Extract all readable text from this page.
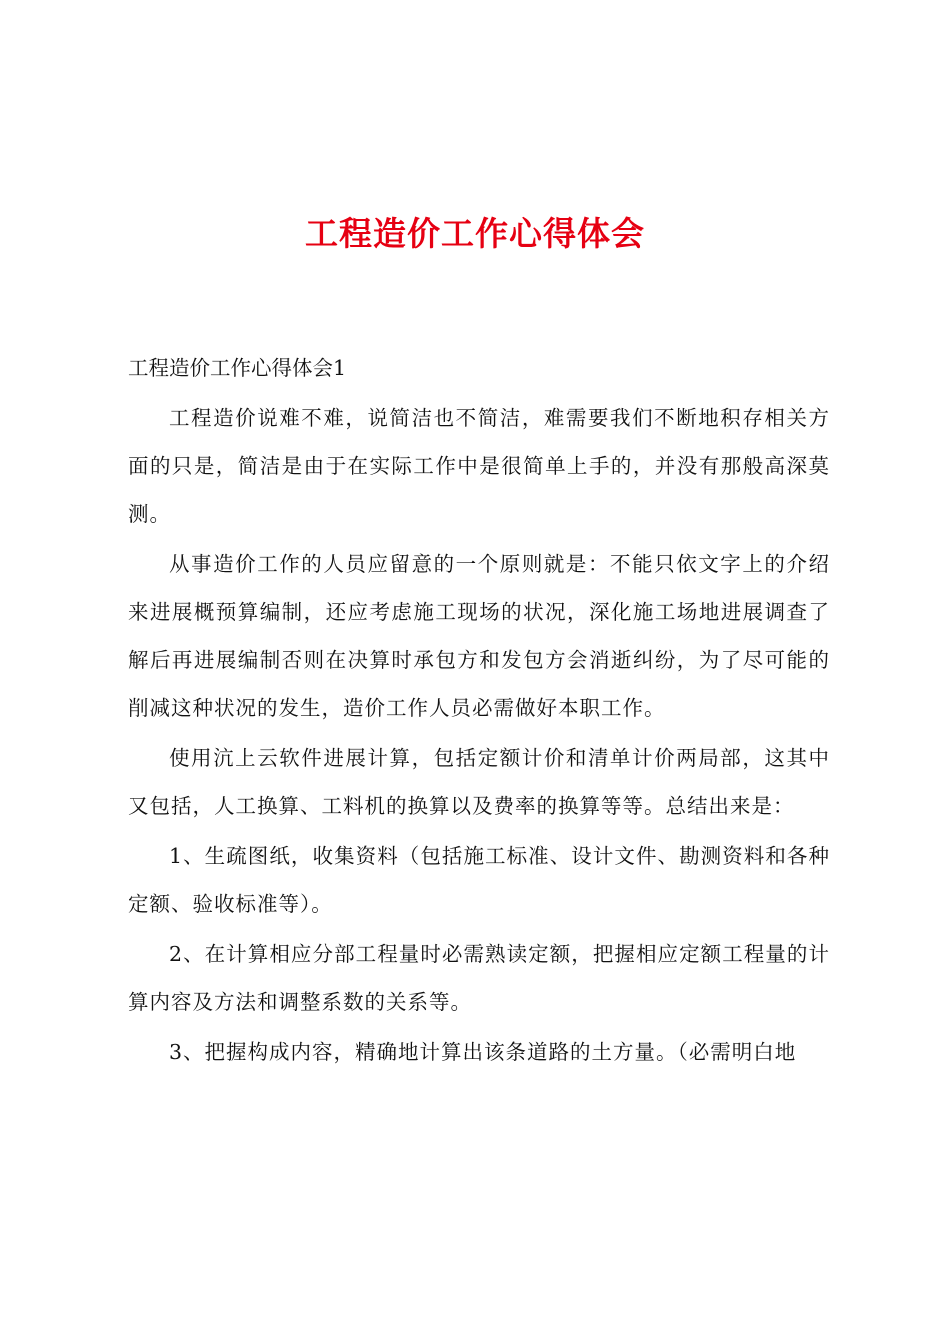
工程造价工作心得体会
工程造价工作心得体会1

工程造价说难不难，说简洁也不简洁，难需要我们不断地积存相关方面的只是，简洁是由于在实际工作中是很简单上手的，并没有那般高深莫测。

从事造价工作的人员应留意的一个原则就是：不能只依文字上的介绍来进展概预算编制，还应考虑施工现场的状况，深化施工场地进展调查了解后再进展编制否则在决算时承包方和发包方会消逝纠纷，为了尽可能的削减这种状况的发生，造价工作人员必需做好本职工作。

使用沆上云软件进展计算，包括定额计价和清单计价两局部，这其中又包括，人工换算、工料机的换算以及费率的换算等等。总结出来是：

1、生疏图纸，收集资料（包括施工标准、设计文件、勘测资料和各种定额、验收标准等）。

2、在计算相应分部工程量时必需熟读定额，把握相应定额工程量的计算内容及方法和调整系数的关系等。

3、把握构成内容，精确地计算出该条道路的土方量。（必需明白地
